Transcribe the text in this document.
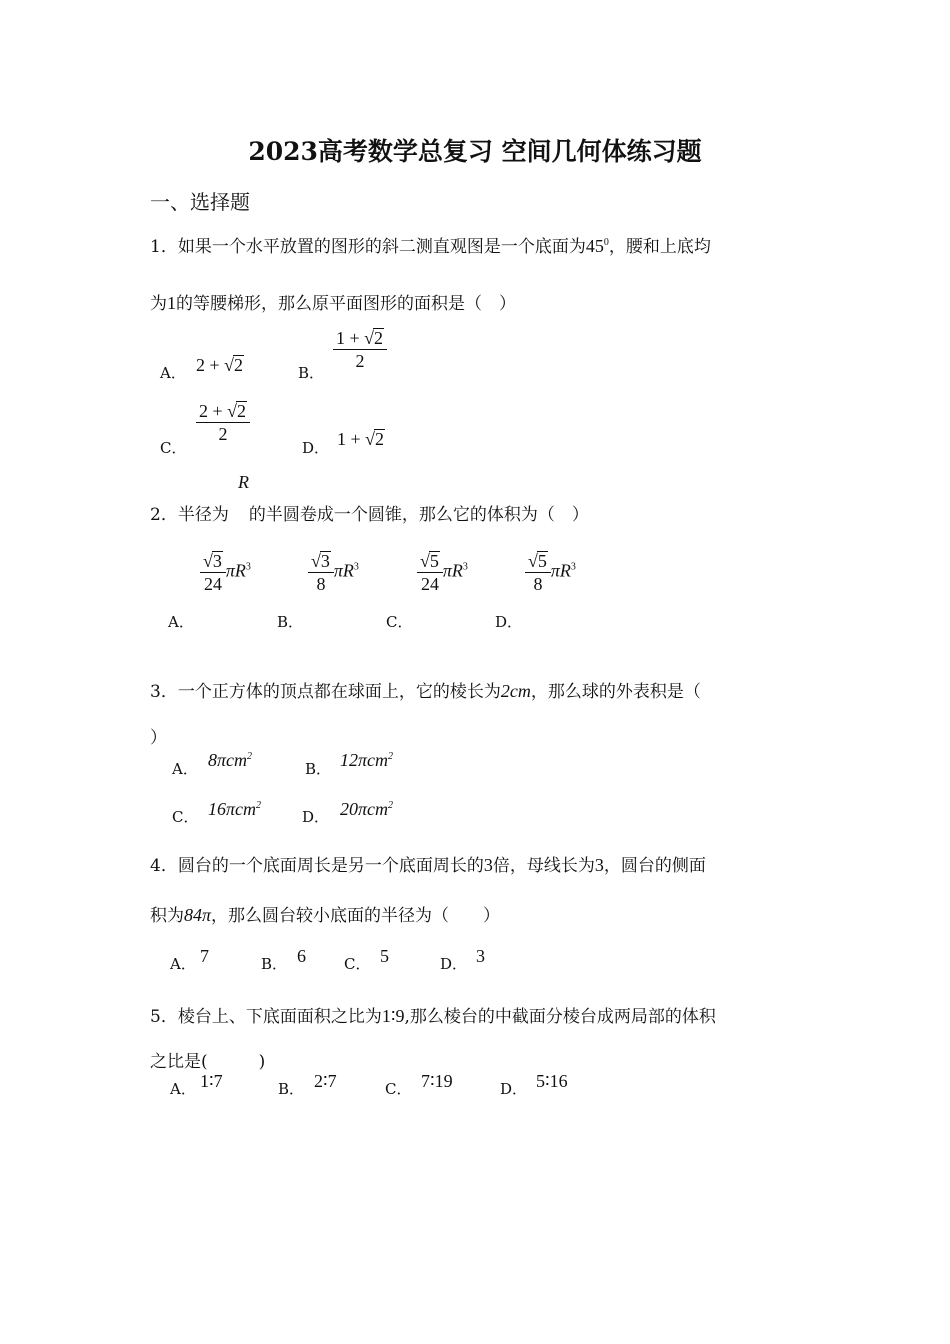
2023高考数学总复习 空间几何体练习题
一、选择题
1．如果一个水平放置的图形的斜二测直观图是一个底面为$45^0$，腰和上底均
为1的等腰梯形，那么原平面图形的面积是（　）
A． 2 + √2	B．
$\frac{1 + √2}{2}$
C．
$\frac{2 + √2}{2}$
D． 1 + √2
R
2．半径为 的半圆卷成一个圆锥，那么它的体积为（　）
$\frac{√3}{24} \pi R^3$	$\frac{√3}{8} \pi R^3$	$\frac{√5}{24} \pi R^3$	$\frac{√5}{8} \pi R^3$
A．	B．	C．	D．
3．一个正方体的顶点都在球面上，它的棱长为2cm，那么球的外表积是（
）
A． 8πcm$^2$
B． 12πcm$^2$
C． 16πcm$^2$
D． 20πcm$^2$
4．圆台的一个底面周长是另一个底面周长的3倍，母线长为3，圆台的侧面
积为84π，那么圆台较小底面的半径为（　　）
A． 7	B． 6	C． 5	D． 3
5．棱台上、下底面面积之比为1∶9,那么棱台的中截面分棱台成两局部的体积
之比是(　　　)
A． 1∶7	B． 2∶7	C． 7∶19	D． 5∶16
